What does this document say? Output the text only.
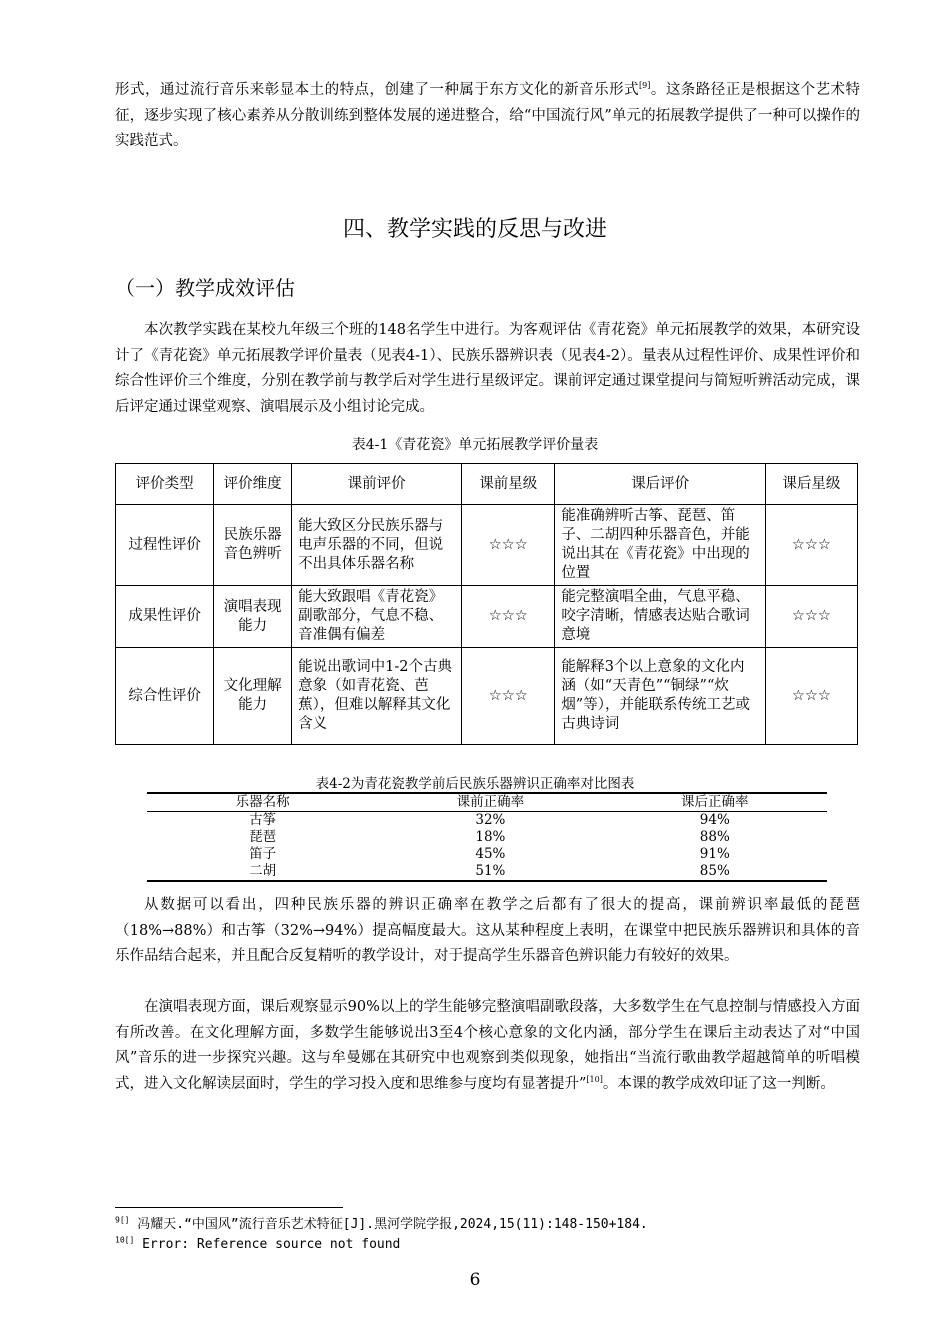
形式，通过流行音乐来彰显本土的特点，创建了一种属于东方文化的新音乐形式[9]。这条路径正是根据这个艺术特征，逐步实现了核心素养从分散训练到整体发展的递进整合，给“中国流行风”单元的拓展教学提供了一种可以操作的实践范式。

四、教学实践的反思与改进
（一）教学成效评估

本次教学实践在某校九年级三个班的148名学生中进行。为客观评估《青花瓷》单元拓展教学的效果，本研究设计了《青花瓷》单元拓展教学评价量表（见表4-1）、民族乐器辨识表（见表4-2）。量表从过程性评价、成果性评价和综合性评价三个维度，分别在教学前与教学后对学生进行星级评定。课前评定通过课堂提问与简短听辨活动完成，课后评定通过课堂观察、演唱展示及小组讨论完成。

表4-1《青花瓷》单元拓展教学评价量表
评价类型	评价维度	课前评价	课前星级	课后评价	课后星级
过程性评价	民族乐器音色辨听	能大致区分民族乐器与电声乐器的不同，但说不出具体乐器名称	☆☆☆	能准确辨听古筝、琵琶、笛子、二胡四种乐器音色，并能说出其在《青花瓷》中出现的位置	☆☆☆
成果性评价	演唱表现能力	能大致跟唱《青花瓷》副歌部分，气息不稳、音准偶有偏差	☆☆☆	能完整演唱全曲，气息平稳、咬字清晰，情感表达贴合歌词意境	☆☆☆
综合性评价	文化理解能力	能说出歌词中1-2个古典意象（如青花瓷、芭蕉），但难以解释其文化含义	☆☆☆	能解释3个以上意象的文化内涵（如“天青色”“铜绿”“炊烟”等），并能联系传统工艺或古典诗词	☆☆☆
表4-2为青花瓷教学前后民族乐器辨识正确率对比图表
乐器名称	课前正确率	课后正确率
古筝	32%	94%
琵琶	18%	88%
笛子	45%	91%
二胡	51%	85%

从数据可以看出，四种民族乐器的辨识正确率在教学之后都有了很大的提高，课前辨识率最低的琵琶（18%→88%）和古筝（32%→94%）提高幅度最大。这从某种程度上表明，在课堂中把民族乐器辨识和具体的音乐作品结合起来，并且配合反复精听的教学设计，对于提高学生乐器音色辨识能力有较好的效果。

在演唱表现方面，课后观察显示90%以上的学生能够完整演唱副歌段落，大多数学生在气息控制与情感投入方面有所改善。在文化理解方面，多数学生能够说出3至4个核心意象的文化内涵，部分学生在课后主动表达了对“中国风”音乐的进一步探究兴趣。这与牟曼娜在其研究中也观察到类似现象，她指出“当流行歌曲教学超越简单的听唱模式，进入文化解读层面时，学生的学习投入度和思维参与度均有显著提升”[10]。本课的教学成效印证了这一判断。

$^{9[]}$ 冯耀天.“中国风”流行音乐艺术特征[J].黑河学院学报,2024,15(11):148-150+184.
$^{10[]}$ Error: Reference source not found
6
